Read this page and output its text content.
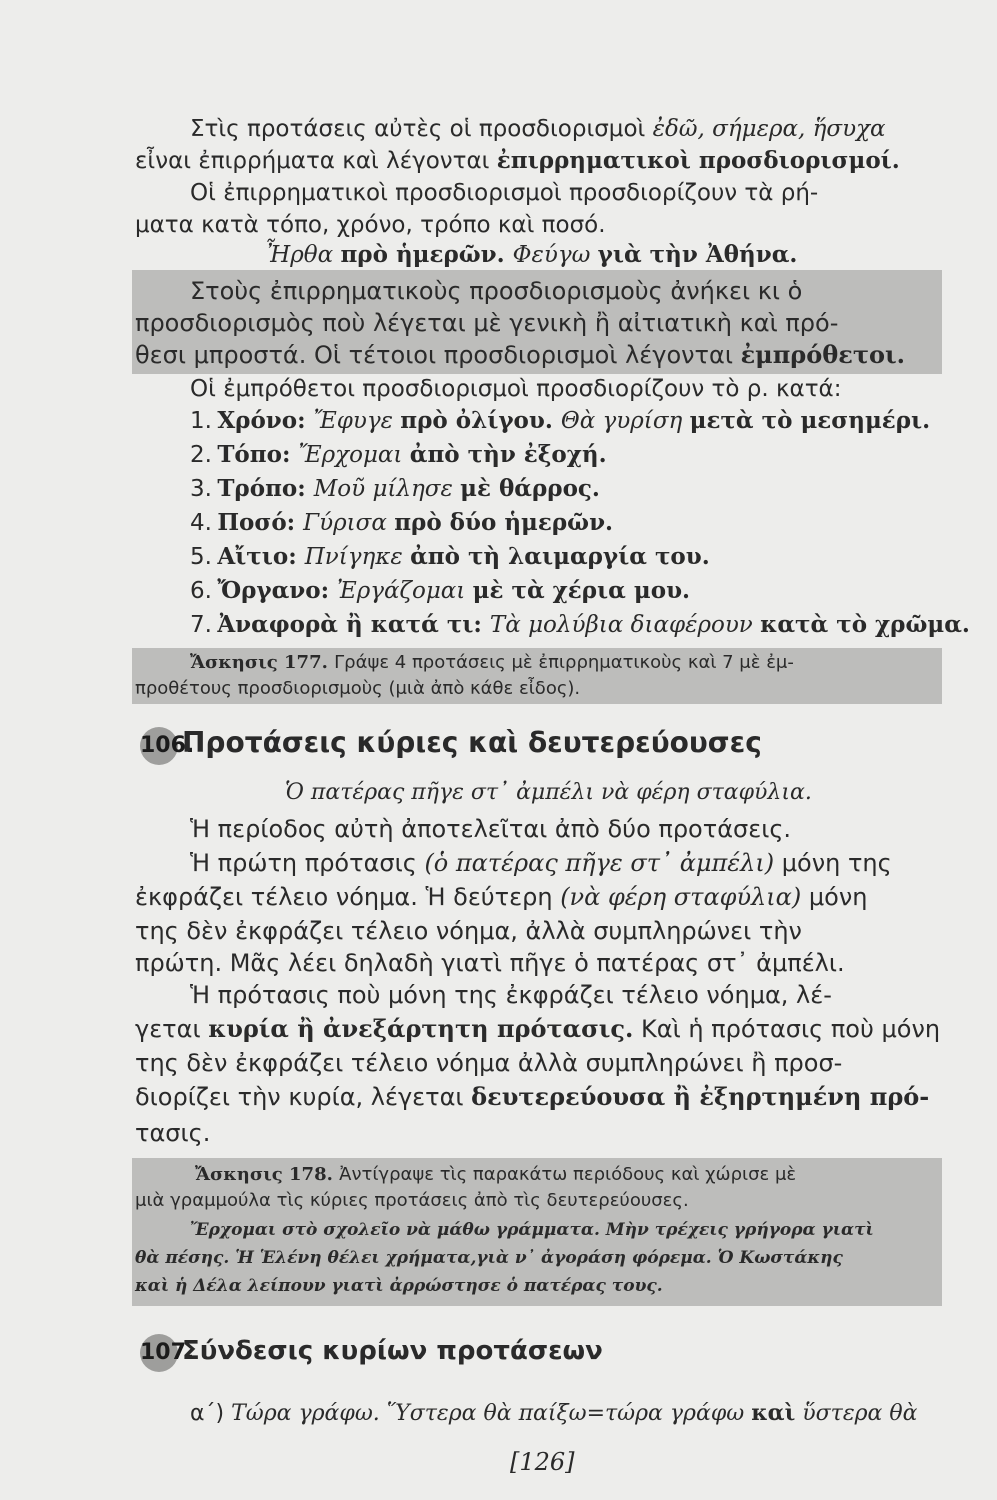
Στὶς προτάσεις αὐτὲς οἱ προσδιορισμοὶ ἐδῶ, σήμερα, ἥσυχα
εἶναι ἐπιρρήματα καὶ λέγονται ἐπιρρηματικοὶ προσδιορισμοί.
Οἱ ἐπιρρηματικοὶ προσδιορισμοὶ προσδιορίζουν τὰ ρή-
ματα κατὰ τόπο, χρόνο, τρόπο καὶ ποσό.
Ἦρθα πρὸ ἡμερῶν. Φεύγω γιὰ τὴν Ἀθήνα.
Στοὺς ἐπιρρηματικοὺς προσδιορισμοὺς ἀνήκει κι ὁ
προσδιορισμὸς ποὺ λέγεται μὲ γενικὴ ἢ αἰτιατικὴ καὶ πρό-
θεσι μπροστά. Οἱ τέτοιοι προσδιορισμοὶ λέγονται ἐμπρόθετοι.
Οἱ ἐμπρόθετοι προσδιορισμοὶ προσδιορίζουν τὸ ρ. κατά:
1. Χρόνο: Ἔφυγε πρὸ ὀλίγου. Θὰ γυρίση μετὰ τὸ μεσημέρι.
2. Τόπο: Ἔρχομαι ἀπὸ τὴν ἐξοχή.
3. Τρόπο: Μοῦ μίλησε μὲ θάρρος.
4. Ποσό: Γύρισα πρὸ δύο ἡμερῶν.
5. Αἴτιο: Πνίγηκε ἀπὸ τὴ λαιμαργία του.
6. Ὄργανο: Ἐργάζομαι μὲ τὰ χέρια μου.
7. Ἀναφορὰ ἢ κατά τι: Τὰ μολύβια διαφέρουν κατὰ τὸ χρῶμα.
Ἄσκησις 177. Γράψε 4 προτάσεις μὲ ἐπιρρηματικοὺς καὶ 7 μὲ ἐμ-
προθέτους προσδιορισμοὺς (μιὰ ἀπὸ κάθε εἶδος).
106.Προτάσεις κύριες καὶ δευτερεύουσες
Ὁ πατέρας πῆγε στ᾿ ἀμπέλι νὰ φέρη σταφύλια.
Ἡ περίοδος αὐτὴ ἀποτελεῖται ἀπὸ δύο προτάσεις.
Ἡ πρώτη πρότασις (ὁ πατέρας πῆγε στ᾿ ἀμπέλι) μόνη της
ἐκφράζει τέλειο νόημα. Ἡ δεύτερη (νὰ φέρη σταφύλια) μόνη
της δὲν ἐκφράζει τέλειο νόημα, ἀλλὰ συμπληρώνει τὴν
πρώτη. Μᾶς λέει δηλαδὴ γιατὶ πῆγε ὁ πατέρας στ᾿ ἀμπέλι.
Ἡ πρότασις ποὺ μόνη της ἐκφράζει τέλειο νόημα, λέ-
γεται κυρία ἢ ἀνεξάρτητη πρότασις. Καὶ ἡ πρότασις ποὺ μόνη
της δὲν ἐκφράζει τέλειο νόημα ἀλλὰ συμπληρώνει ἢ προσ-
διορίζει τὴν κυρία, λέγεται δευτερεύουσα ἢ ἐξηρτημένη πρό-
τασις.
Ἄσκησις 178. Ἀντίγραψε τὶς παρακάτω περιόδους καὶ χώρισε μὲ
μιὰ γραμμούλα τὶς κύριες προτάσεις ἀπὸ τὶς δευτερεύουσες.
Ἔρχομαι στὸ σχολεῖο νὰ μάθω γράμματα. Μὴν τρέχεις γρήγορα γιατὶ
θὰ πέσης. Ἡ Ἑλένη θέλει χρήματα,γιὰ ν᾿ ἀγοράση φόρεμα. Ὁ Κωστάκης
καὶ ἡ Δέλα λείπουν γιατὶ ἀρρώστησε ὁ πατέρας τους.
107.Σύνδεσις κυρίων προτάσεων
α΄) Τώρα γράφω. Ὕστερα θὰ παίξω=τώρα γράφω καὶ ὕστερα θὰ
[126]
